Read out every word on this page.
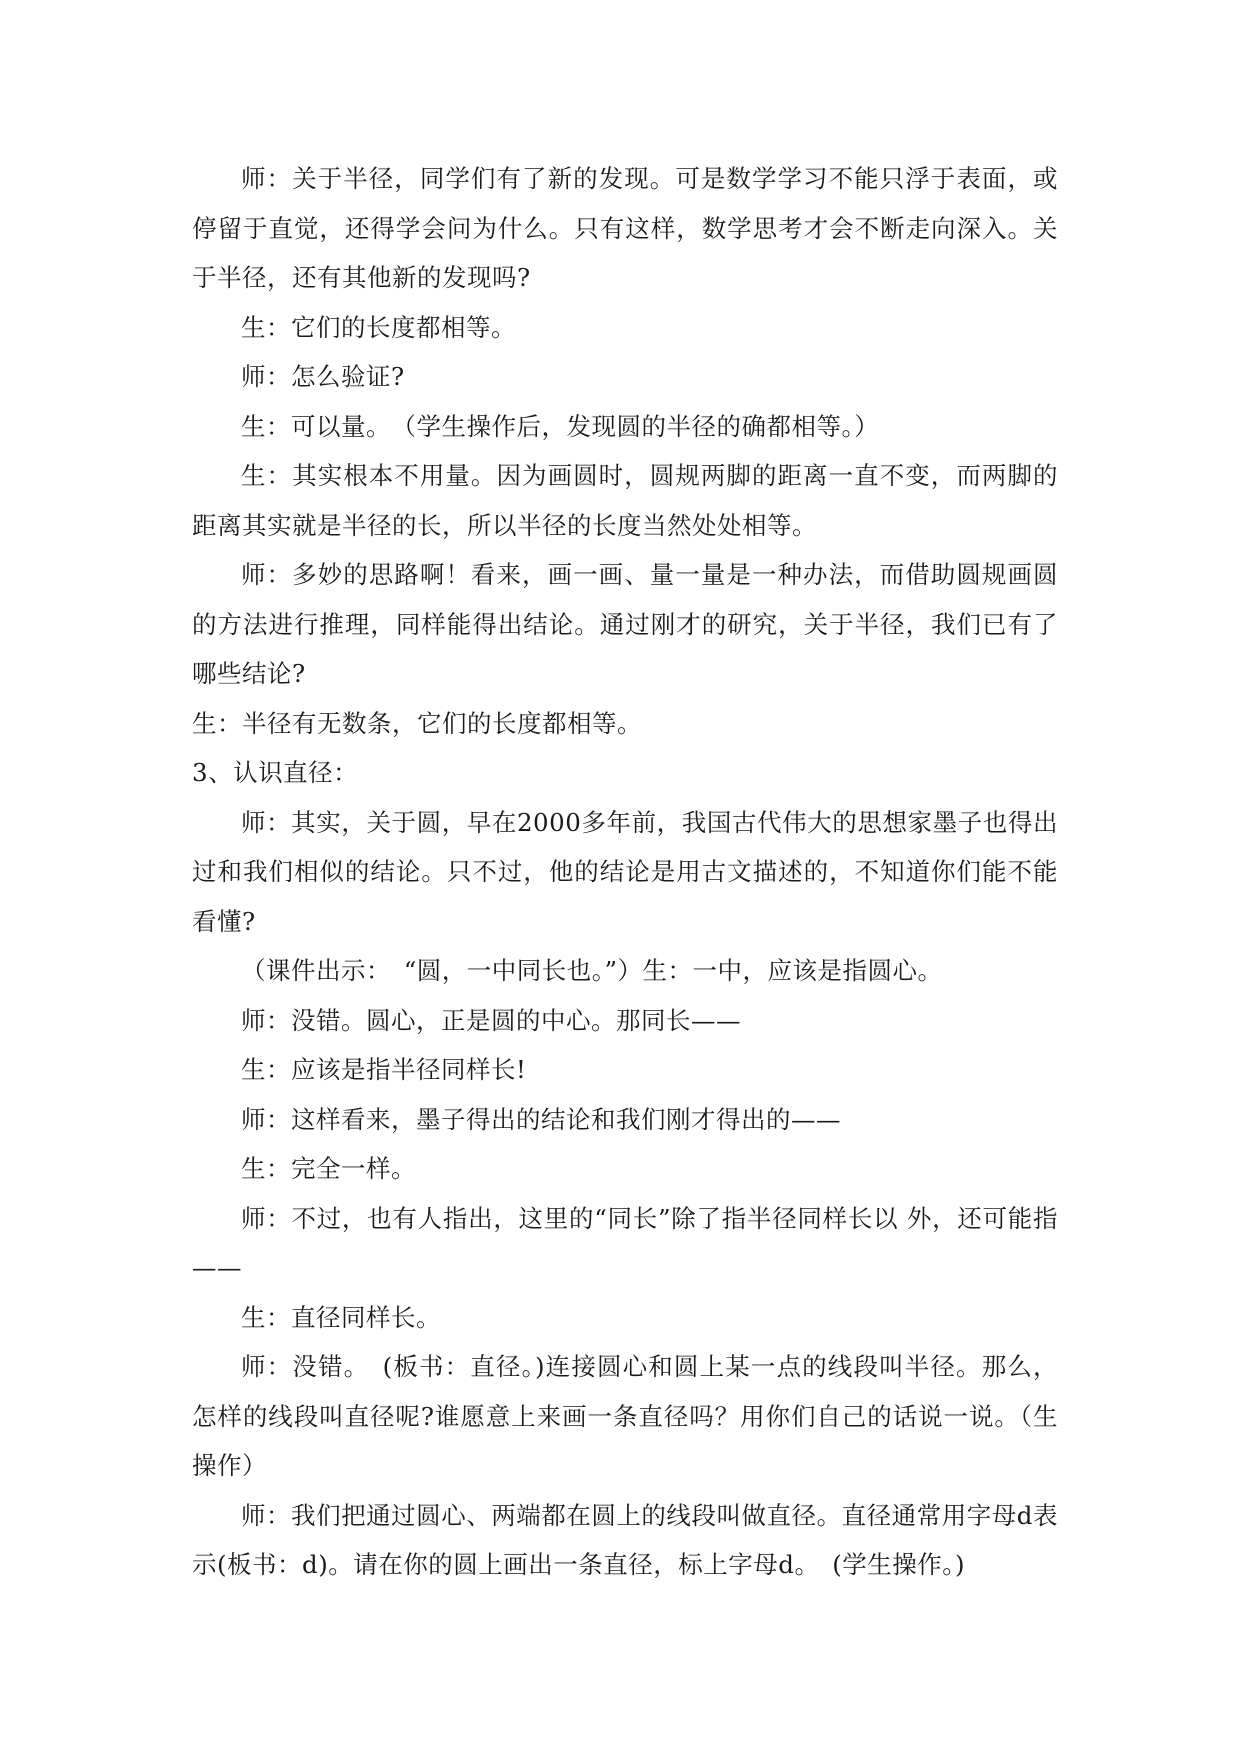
师：关于半径，同学们有了新的发现。可是数学学习不能只浮于表面，或停留于直觉，还得学会问为什么。只有这样，数学思考才会不断走向深入。关于半径，还有其他新的发现吗?

生：它们的长度都相等。

师：怎么验证?

生：可以量。　（学生操作后，发现圆的半径的确都相等。）

生：其实根本不用量。因为画圆时，圆规两脚的距离一直不变，而两脚的距离其实就是半径的长，所以半径的长度当然处处相等。

师：多妙的思路啊！看来，画一画、量一量是一种办法，而借助圆规画圆的方法进行推理，同样能得出结论。通过刚才的研究，关于半径，我们已有了哪些结论?

生：半径有无数条，它们的长度都相等。

3、认识直径：

师：其实，关于圆，早在2000多年前，我国古代伟大的思想家墨子也得出过和我们相似的结论。只不过，他的结论是用古文描述的，不知道你们能不能看懂?

（课件出示：　“圆，一中同长也。”）生：一中，应该是指圆心。

师：没错。圆心，正是圆的中心。那同长——

生：应该是指半径同样长!

师：这样看来，墨子得出的结论和我们刚才得出的——

生：完全一样。

师：不过，也有人指出，这里的“同长”除了指半径同样长以 外，还可能指——

生：直径同样长。

师：没错。　(板书：直径。)连接圆心和圆上某一点的线段叫半径。那么，怎样的线段叫直径呢?谁愿意上来画一条直径吗？用你们自己的话说一说。（生操作）

师：我们把通过圆心、两端都在圆上的线段叫做直径。直径通常用字母d表示(板书：d)。请在你的圆上画出一条直径，标上字母d。　(学生操作。)
